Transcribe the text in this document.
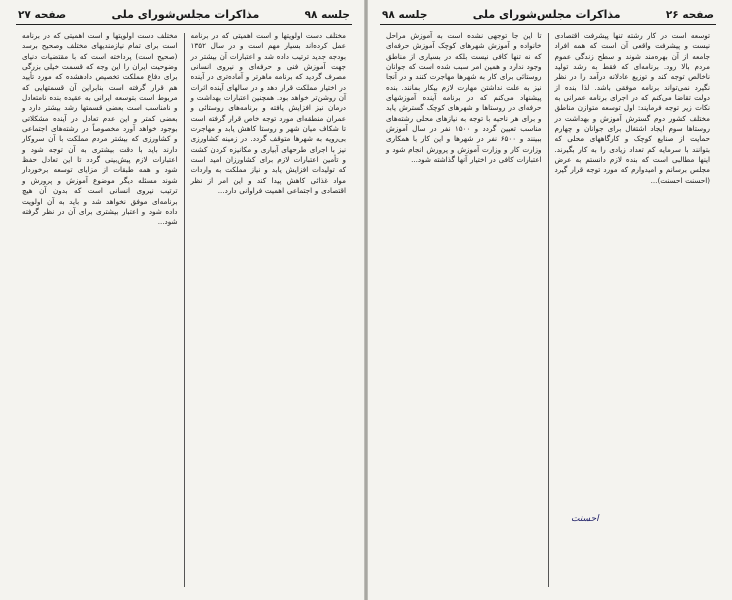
جلسه ۹۸
مذاکرات مجلس‌شورای ملی
صفحه ۲۷

مختلف دست اولویتها و است اهمیتی که در برنامه عمل کرده‌اند بسیار مهم است و در سال ۱۳۵۲ بودجه جدید ترتیب داده شد و اعتبارات آن بیشتر در جهت آموزش فنی و حرفه‌ای و نیروی انسانی مصرف گردید که برنامه ماهرتر و آماده‌تری در آینده در اختیار مملکت قرار دهد و در سالهای آینده اثرات آن روشن‌تر خواهد بود. همچنین اعتبارات بهداشت و درمان نیز افزایش یافته و برنامه‌های روستائی و عمران منطقه‌ای مورد توجه خاص قرار گرفته است تا شکاف میان شهر و روستا کاهش یابد و مهاجرت بی‌رویه به شهرها متوقف گردد. در زمینه کشاورزی نیز با اجرای طرحهای آبیاری و مکانیزه کردن کشت و تأمین اعتبارات لازم برای کشاورزان امید است که تولیدات افزایش یابد و نیاز مملکت به واردات مواد غذائی کاهش پیدا کند و این امر از نظر اقتصادی و اجتماعی اهمیت فراوانی دارد...

مختلف دست اولویتها و است اهمیتی که در برنامه است برای تمام نیازمندیهای مختلف وصحیح برسد (صحیح است) پرداخته است که با مقتضیات دنیای وضوحیت ایران را این وجه که قسمت خیلی بزرگی برای دفاع مملکت تخصیص دادهشده که مورد تأیید هم قرار گرفته است بنابراین آن قسمتهایی که مربوط است بتوسعه ایرانی به عقیده بنده نامتعادل و نامناسب است بعضی قسمتها رشد بیشتر دارد و بعضی کمتر و این عدم تعادل در آینده مشکلاتی بوجود خواهد آورد مخصوصاً در رشته‌های اجتماعی و کشاورزی که بیشتر مردم مملکت با آن سروکار دارند باید با دقت بیشتری به آن توجه شود و اعتبارات لازم پیش‌بینی گردد تا این تعادل حفظ شود و همه طبقات از مزایای توسعه برخوردار شوند مسئله دیگر موضوع آموزش و پرورش و ترتیب نیروی انسانی است که بدون آن هیچ برنامه‌ای موفق نخواهد شد و باید به آن اولویت داده شود و اعتبار بیشتری برای آن در نظر گرفته شود...

صفحه ۲۶
مذاکرات مجلس‌شورای ملی
جلسه ۹۸

توسعه است در کار رشته تنها پیشرفت اقتصادی نیست و پیشرفت واقعی آن است که همه افراد جامعه از آن بهره‌مند شوند و سطح زندگی عموم مردم بالا رود. برنامه‌ای که فقط به رشد تولید ناخالص توجه کند و توزیع عادلانه درآمد را در نظر نگیرد نمی‌تواند برنامه موفقی باشد. لذا بنده از دولت تقاضا می‌کنم که در اجرای برنامه عمرانی به نکات زیر توجه فرمایند: اول توسعه متوازن مناطق مختلف کشور دوم گسترش آموزش و بهداشت در روستاها سوم ایجاد اشتغال برای جوانان و چهارم حمایت از صنایع کوچک و کارگاههای محلی که بتوانند با سرمایه کم تعداد زیادی را به کار بگیرند. اینها مطالبی است که بنده لازم دانستم به عرض مجلس برسانم و امیدوارم که مورد توجه قرار گیرد (احسنت احسنت)...

تا این جا توجهی نشده است به آموزش مراحل خانواده و آموزش شهرهای کوچک آموزش حرفه‌ای که نه تنها کافی نیست بلکه در بسیاری از مناطق وجود ندارد و همین امر سبب شده است که جوانان روستائی برای کار به شهرها مهاجرت کنند و در آنجا نیز به علت نداشتن مهارت لازم بیکار بمانند. بنده پیشنهاد می‌کنم که در برنامه آینده آموزشهای حرفه‌ای در روستاها و شهرهای کوچک گسترش یابد و برای هر ناحیه با توجه به نیازهای محلی رشته‌های مناسب تعیین گردد و ۱۵۰۰ نفر در سال آموزش ببینند و ۶۵۰۰ نفر در شهرها و این کار با همکاری وزارت کار و وزارت آموزش و پرورش انجام شود و اعتبارات کافی در اختیار آنها گذاشته شود...

احسنت
